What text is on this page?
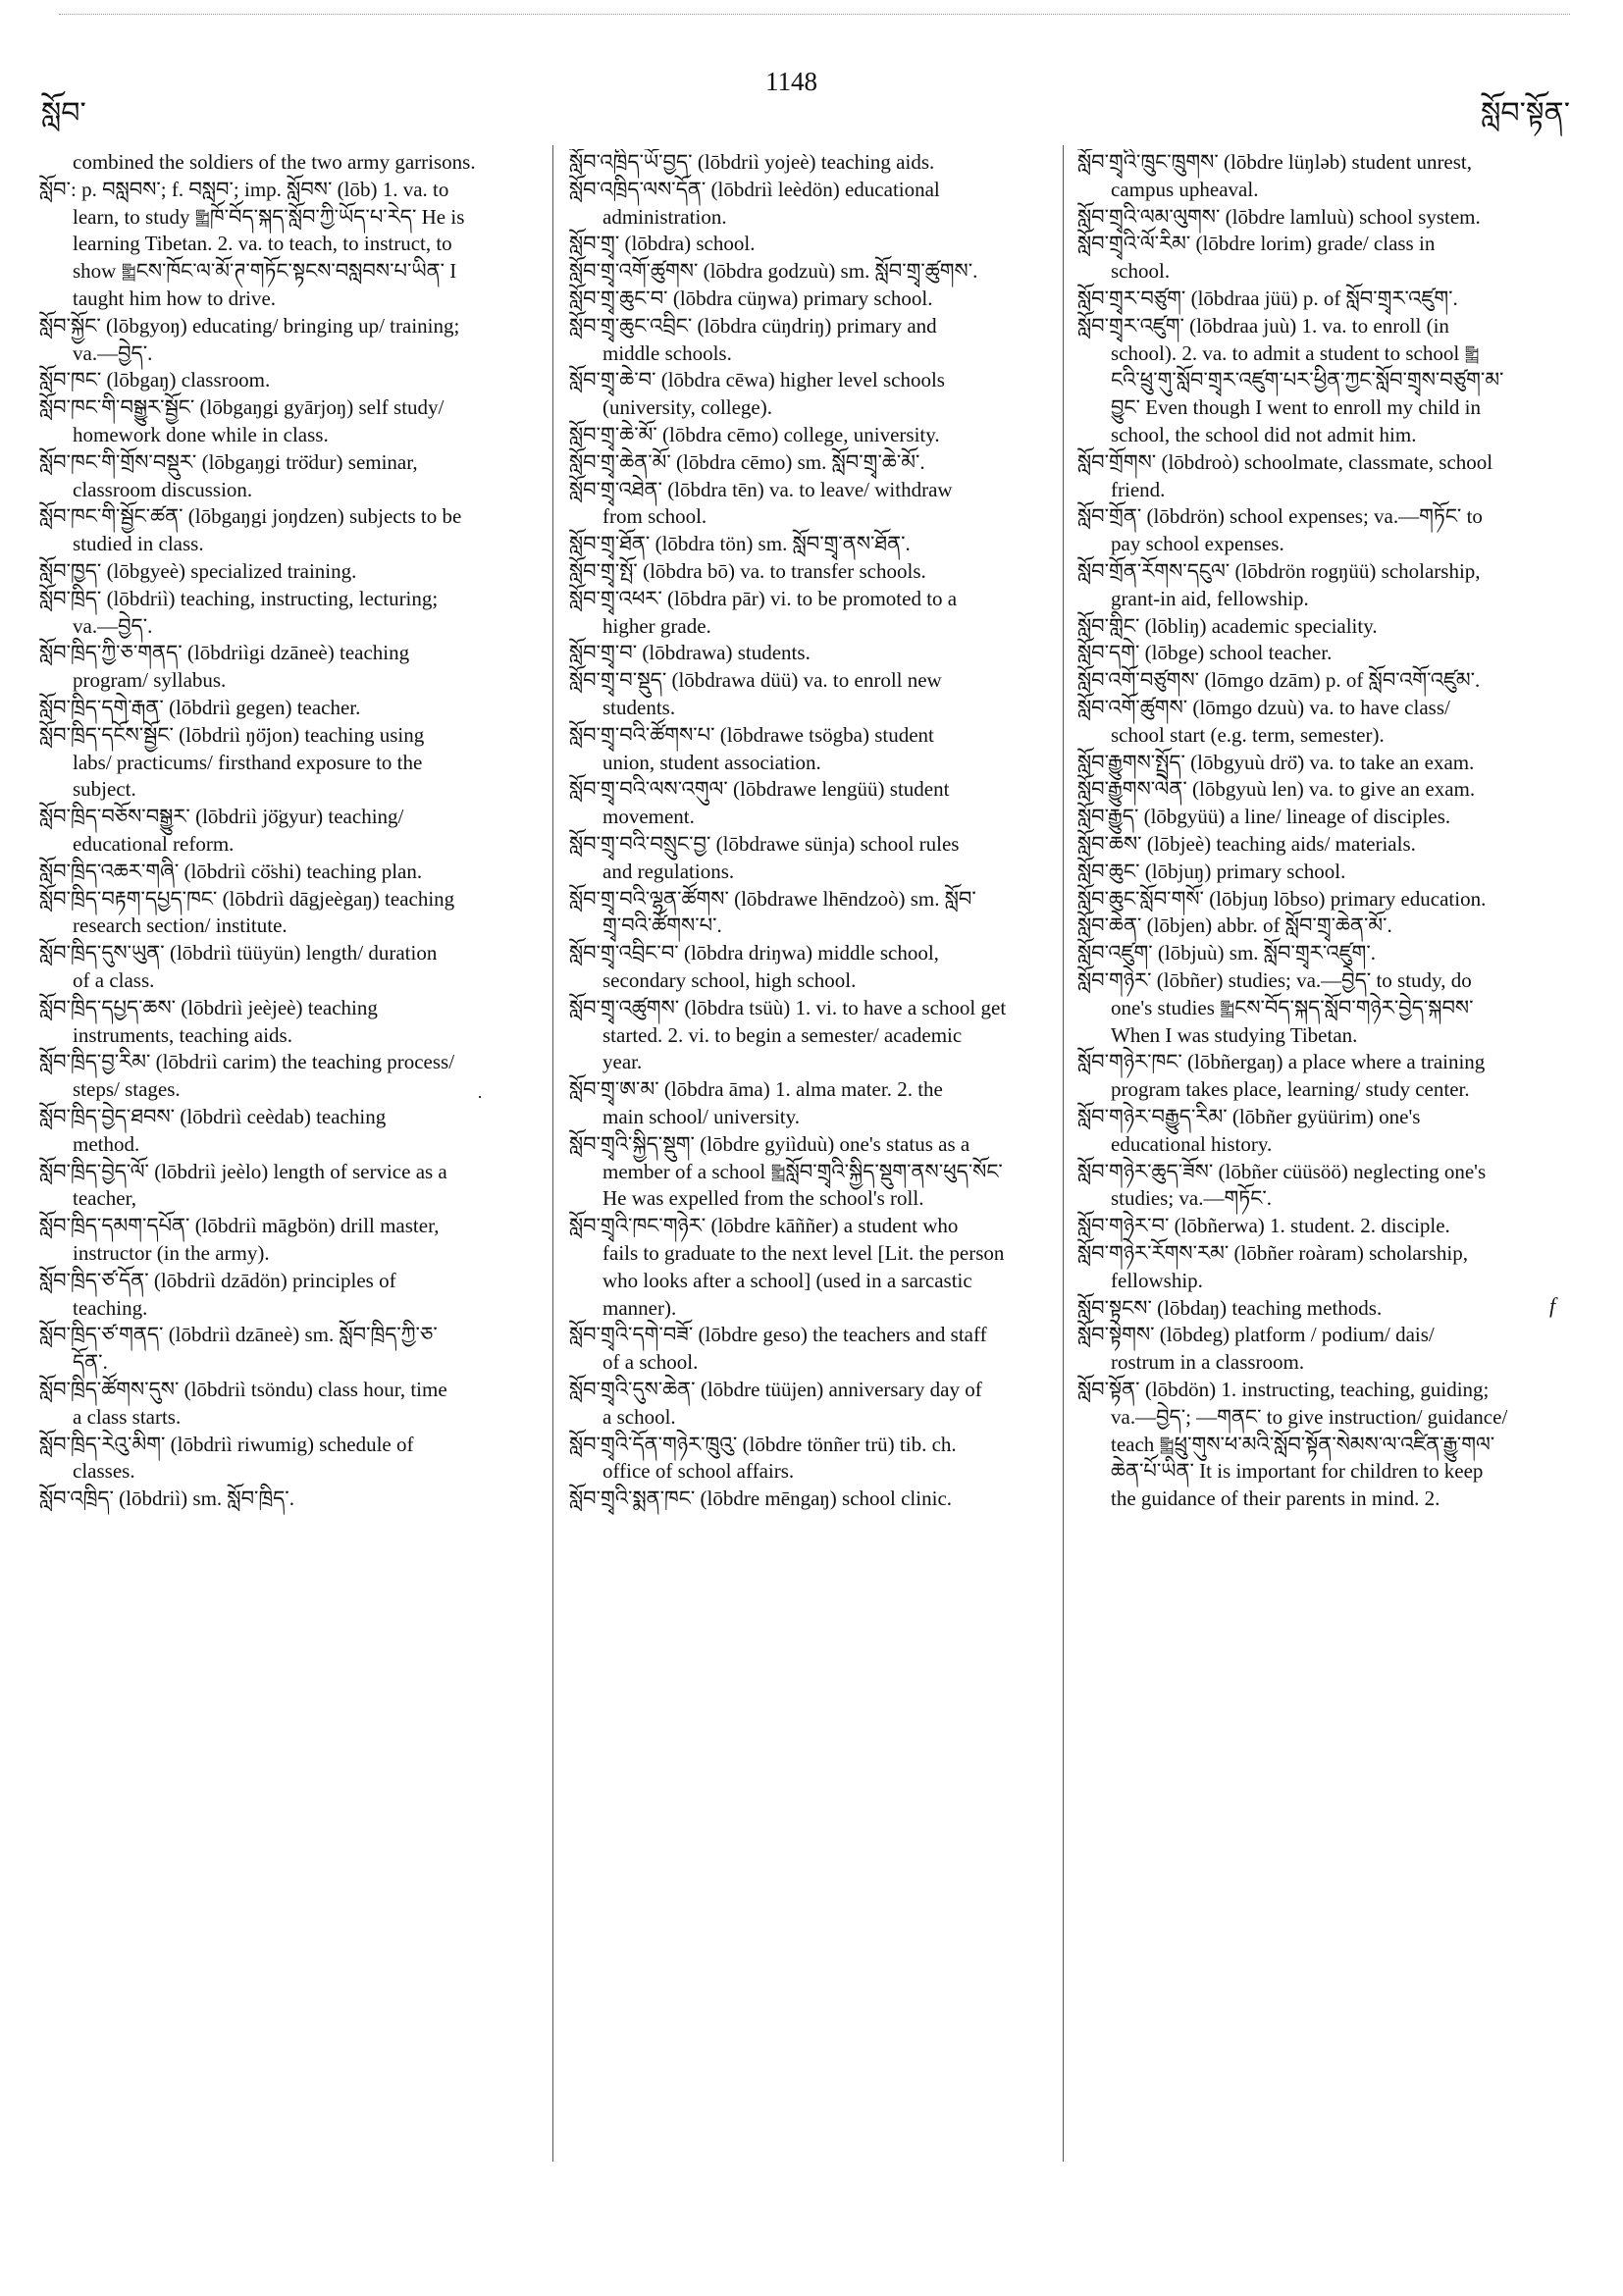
སློབ་
1148
སློབ་སྟོན་
combined the soldiers of the two army garrisons.
སློབ་: p. བསླབས་; f. བསླབ་; imp. སློབས་ (lōb) 1. va. to
learn, to study ༖ཁོ་བོད་སྐད་སློབ་ཀྱི་ཡོད་པ་རེད་ He is
learning Tibetan. 2. va. to teach, to instruct, to
show ༖ངས་ཁོང་ལ་མོ་ཊ་གཏོང་སྟངས་བསླབས་པ་ཡིན་ I
taught him how to drive.
སློབ་སྐྱོང་ (lōbgyoŋ) educating/ bringing up/ training;
va.—བྱེད་.
སློབ་ཁང་ (lōbgaŋ) classroom.
སློབ་ཁང་གི་བསྒྱུར་སྦྱོང་ (lōbgaŋgi gyārjoŋ) self study/
homework done while in class.
སློབ་ཁང་གི་གྲོས་བསྡུར་ (lōbgaŋgi trö̈dur) seminar,
classroom discussion.
སློབ་ཁང་གི་སྦྱོང་ཚན་ (lōbgaŋgi joŋdzen) subjects to be
studied in class.
སློབ་ཁྱད་ (lōbgyeè) specialized training.
སློབ་ཁྲིད་ (lōbdriì) teaching, instructing, lecturing;
va.—བྱེད་.
སློབ་ཁྲིད་ཀྱི་ཅ་གནད་ (lōbdriìgi dzāneè) teaching
program/ syllabus.
སློབ་ཁྲིད་དགེ་རྒན་ (lōbdriì gegen) teacher.
སློབ་ཁྲིད་དངོས་སྦྱོང་ (lōbdriì ŋö̈jon) teaching using
labs/ practicums/ firsthand exposure to the
subject.
སློབ་ཁྲིད་བཅོས་བསྒྱུར་ (lōbdriì jö̈gyur) teaching/
educational reform.
སློབ་ཁྲིད་འཆར་གཞི་ (lōbdriì cö̈shi) teaching plan.
སློབ་ཁྲིད་བརྟག་དཔྱད་ཁང་ (lōbdriì dāgjeègaŋ) teaching
research section/ institute.
སློབ་ཁྲིད་དུས་ཡུན་ (lōbdriì tüüyün) length/ duration
of a class.
སློབ་ཁྲིད་དཔྱད་ཆས་ (lōbdriì jeèjeè) teaching
instruments, teaching aids.
སློབ་ཁྲིད་བྱ་རིམ་ (lōbdriì carim) the teaching process/
steps/ stages.
སློབ་ཁྲིད་བྱེད་ཐབས་ (lōbdriì ceèdab) teaching
method.
སློབ་ཁྲིད་བྱེད་ལོ་ (lōbdriì jeèlo) length of service as a
teacher,
སློབ་ཁྲིད་དམག་དཔོན་ (lōbdriì māgbön) drill master,
instructor (in the army).
སློབ་ཁྲིད་ཙ་དོན་ (lōbdriì dzādön) principles of
teaching.
སློབ་ཁྲིད་ཙ་གནད་ (lōbdriì dzāneè) sm. སློབ་ཁྲིད་ཀྱི་ཅ་
དོན་.
སློབ་ཁྲིད་ཚོགས་དུས་ (lōbdriì tsöndu) class hour, time
a class starts.
སློབ་ཁྲིད་རེའུ་མིག་ (lōbdriì riwumig) schedule of
classes.
སློབ་འཁྲིད་ (lōbdriì) sm. སློབ་ཁྲིད་.
སློབ་འཁྲིད་ཡོ་བྱད་ (lōbdriì yojeè) teaching aids.
སློབ་འཁྲིད་ལས་དོན་ (lōbdriì leèdön) educational
administration.
སློབ་གྲྭ་ (lōbdra) school.
སློབ་གྲྭ་འགོ་ཚུགས་ (lōbdra godzuù) sm. སློབ་གྲྭ་ཚུགས་.
སློབ་གྲྭ་ཆུང་བ་ (lōbdra cüŋwa) primary school.
སློབ་གྲྭ་ཆུང་འབྲིང་ (lōbdra cüŋdriŋ) primary and
middle schools.
སློབ་གྲྭ་ཆེ་བ་ (lōbdra cēwa) higher level schools
(university, college).
སློབ་གྲྭ་ཆེ་མོ་ (lōbdra cēmo) college, university.
སློབ་གྲྭ་ཆེན་མོ་ (lōbdra cēmo) sm. སློབ་གྲྭ་ཆེ་མོ་.
སློབ་གྲྭ་འཐེན་ (lōbdra tēn) va. to leave/ withdraw
from school.
སློབ་གྲྭ་ཐོན་ (lōbdra tön) sm. སློབ་གྲྭ་ནས་ཐོན་.
སློབ་གྲྭ་སྤོ་ (lōbdra bō) va. to transfer schools.
སློབ་གྲྭ་འཕར་ (lōbdra pār) vi. to be promoted to a
higher grade.
སློབ་གྲྭ་བ་ (lōbdrawa) students.
སློབ་གྲྭ་བ་སྡུད་ (lōbdrawa düü) va. to enroll new
students.
སློབ་གྲྭ་བའི་ཚོགས་པ་ (lōbdrawe tsögba) student
union, student association.
སློབ་གྲྭ་བའི་ལས་འགུལ་ (lōbdrawe lengüü) student
movement.
སློབ་གྲྭ་བའི་བསྲུང་བྱ་ (lōbdrawe sünja) school rules
and regulations.
སློབ་གྲྭ་བའི་ལྷན་ཚོགས་ (lōbdrawe lhēndzoò) sm. སློབ་
གྲྭ་བའི་ཚོགས་པ་.
སློབ་གྲྭ་འབྲིང་བ་ (lōbdra driŋwa) middle school,
secondary school, high school.
སློབ་གྲྭ་འཚུགས་ (lōbdra tsüù) 1. vi. to have a school get
started. 2. vi. to begin a semester/ academic
year.
སློབ་གྲྭ་ཨ་མ་ (lōbdra āma) 1. alma mater. 2. the
main school/ university.
སློབ་གྲྭའི་སྐྱིད་སྡུག་ (lōbdre gyiìduù) one's status as a
member of a school ༖སློབ་གྲྭའི་སྐྱིད་སྡུག་ནས་ཕུད་སོང་
He was expelled from the school's roll.
སློབ་གྲྭའི་ཁང་གཉེར་ (lōbdre kāññer) a student who
fails to graduate to the next level [Lit. the person
who looks after a school] (used in a sarcastic
manner).
སློབ་གྲྭའི་དགེ་བཟོ་ (lōbdre geso) the teachers and staff
of a school.
སློབ་གྲྭའི་དུས་ཆེན་ (lōbdre tüüjen) anniversary day of
a school.
སློབ་གྲྭའི་དོན་གཉེར་ཁྲུའུ་ (lōbdre tönñer trü) tib. ch.
office of school affairs.
སློབ་གྲྭའི་སྨན་ཁང་ (lōbdre mēngaŋ) school clinic.
སློབ་གྲྭའི་ཁྲུང་ཁྲུགས་ (lōbdre lüŋləb) student unrest,
campus upheaval.
སློབ་གྲྭའི་ལམ་ལུགས་ (lōbdre lamluù) school system.
སློབ་གྲྭའི་ལོ་རིམ་ (lōbdre lorim) grade/ class in
school.
སློབ་གྲྭར་བཙུག་ (lōbdraa jüü) p. of སློབ་གྲྭར་འཛུག་.
སློབ་གྲྭར་འཛུག་ (lōbdraa juù) 1. va. to enroll (in
school). 2. va. to admit a student to school ༖
ངའི་ཕྲུ་གུ་སློབ་གྲྭར་འཛུག་པར་ཕྱིན་ཀྱང་སློབ་གྲྭས་བཙུག་མ་
བྱུང་ Even though I went to enroll my child in
school, the school did not admit him.
སློབ་གྲོགས་ (lōbdroò) schoolmate, classmate, school
friend.
སློབ་གྲོན་ (lōbdrön) school expenses; va.—གཏོང་ to
pay school expenses.
སློབ་གྲོན་རོགས་དངུལ་ (lōbdrön rogŋüü) scholarship,
grant-in aid, fellowship.
སློབ་གླིང་ (lōbliŋ) academic speciality.
སློབ་དགེ་ (lōbge) school teacher.
སློབ་འགོ་བཙུགས་ (lōmgo dzām) p. of སློབ་འགོ་འཛུམ་.
སློབ་འགོ་ཚུགས་ (lōmgo dzuù) va. to have class/
school start (e.g. term, semester).
སློབ་རྒྱུགས་སྤྲོད་ (lōbgyuù drö̈) va. to take an exam.
སློབ་རྒྱུགས་ལེན་ (lōbgyuù len) va. to give an exam.
སློབ་རྒྱུད་ (lōbgyüü) a line/ lineage of disciples.
སློབ་ཆས་ (lōbjeè) teaching aids/ materials.
སློབ་ཆུང་ (lōbjuŋ) primary school.
སློབ་ཆུང་སློབ་གསོ་ (lōbjuŋ lōbso) primary education.
སློབ་ཆེན་ (lōbjen) abbr. of སློབ་གྲྭ་ཆེན་མོ་.
སློབ་འཛུག་ (lōbjuù) sm. སློབ་གྲྭར་འཛུག་.
སློབ་གཉེར་ (lōbñer) studies; va.—བྱེད་ to study, do
one's studies ༖ངས་བོད་སྐད་སློབ་གཉེར་བྱེད་སྐབས་
When I was studying Tibetan.
སློབ་གཉེར་ཁང་ (lōbñergaŋ) a place where a training
program takes place, learning/ study center.
སློབ་གཉེར་བརྒྱུད་རིམ་ (lōbñer gyüürim) one's
educational history.
སློབ་གཉེར་ཆུད་ཟོས་ (lōbñer cüüsöö) neglecting one's
studies; va.—གཏོང་.
སློབ་གཉེར་བ་ (lōbñerwa) 1. student. 2. disciple.
སློབ་གཉེར་རོགས་རམ་ (lōbñer roàram) scholarship,
fellowship.
སློབ་སྟངས་ (lōbdaŋ) teaching methods.
སློབ་སྟེགས་ (lōbdeg) platform / podium/ dais/
rostrum in a classroom.
སློབ་སྟོན་ (lōbdön) 1. instructing, teaching, guiding;
va.—བྱེད་; —གནང་ to give instruction/ guidance/
teach ༖ཕྲུ་གུས་ཕ་མའི་སློབ་སྟོན་སེམས་ལ་འཛིན་རྒྱུ་གལ་
ཆེན་པོ་ཡིན་ It is important for children to keep
the guidance of their parents in mind. 2.
·
f
